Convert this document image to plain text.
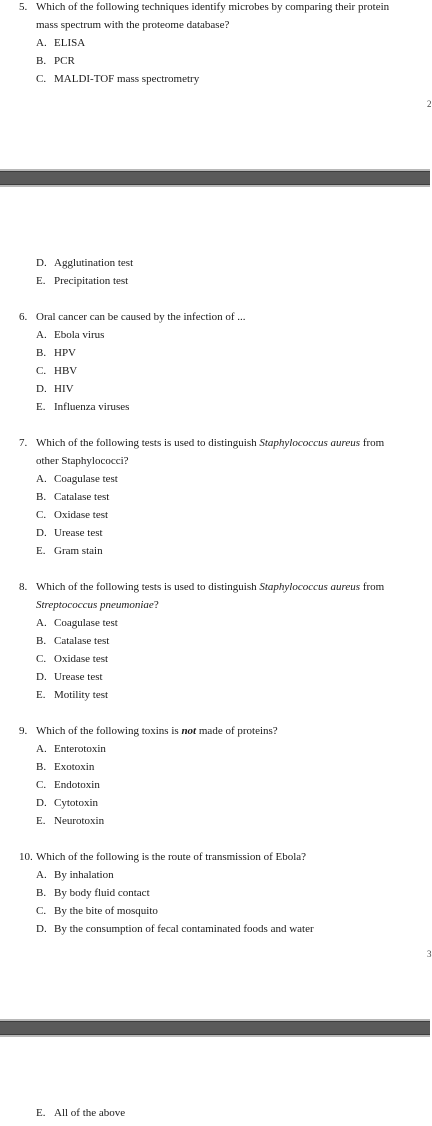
5. Which of the following techniques identify microbes by comparing their protein
mass spectrum with the proteome database?
A. ELISA
B. PCR
C. MALDI-TOF mass spectrometry
2
D. Agglutination test
E. Precipitation test
6. Oral cancer can be caused by the infection of ...
A. Ebola virus
B. HPV
C. HBV
D. HIV
E. Influenza viruses
7. Which of the following tests is used to distinguish Staphylococcus aureus from
other Staphylococci?
A. Coagulase test
B. Catalase test
C. Oxidase test
D. Urease test
E. Gram stain
8. Which of the following tests is used to distinguish Staphylococcus aureus from
Streptococcus pneumoniae?
A. Coagulase test
B. Catalase test
C. Oxidase test
D. Urease test
E. Motility test
9. Which of the following toxins is not made of proteins?
A. Enterotoxin
B. Exotoxin
C. Endotoxin
D. Cytotoxin
E. Neurotoxin
10. Which of the following is the route of transmission of Ebola?
A. By inhalation
B. By body fluid contact
C. By the bite of mosquito
D. By the consumption of fecal contaminated foods and water
3
E. All of the above
